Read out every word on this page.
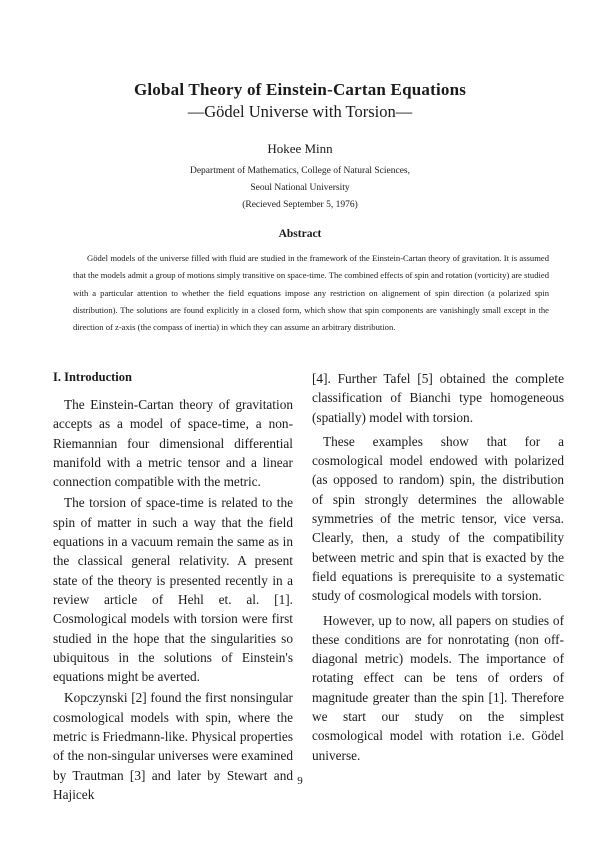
Global Theory of Einstein-Cartan Equations
—Gödel Universe with Torsion—
Hokee Minn
Department of Mathematics, College of Natural Sciences,
Seoul National University
(Recieved September 5, 1976)
Abstract
Gödel models of the universe filled with fluid are studied in the framework of the Einstein-Cartan theory of gravitation. It is assumed that the models admit a group of motions simply transitive on space-time. The combined effects of spin and rotation (vorticity) are studied with a particular attention to whether the field equations impose any restriction on alignement of spin direction (a polarized spin distribution). The solutions are found explicitly in a closed form, which show that spin components are vanishingly small except in the direction of z-axis (the compass of inertia) in which they can assume an arbitrary distribution.
I. Introduction

The Einstein-Cartan theory of gravitation accepts as a model of space-time, a non-Riemannian four dimensional differential manifold with a metric tensor and a linear connection compatible with the metric.

The torsion of space-time is related to the spin of matter in such a way that the field equations in a vacuum remain the same as in the classical general relativity. A present state of the theory is presented recently in a review article of Hehl et. al. [1]. Cosmological models with torsion were first studied in the hope that the singularities so ubiquitous in the solutions of Einstein's equations might be averted.

Kopczynski [2] found the first nonsingular cosmological models with spin, where the metric is Friedmann-like. Physical properties of the non-singular universes were examined by Trautman [3] and later by Stewart and Hajicek

[4]. Further Tafel [5] obtained the complete classification of Bianchi type homogeneous (spatially) model with torsion.

These examples show that for a cosmological model endowed with polarized (as opposed to random) spin, the distribution of spin strongly determines the allowable symmetries of the metric tensor, vice versa. Clearly, then, a study of the compatibility between metric and spin that is exacted by the field equations is prerequisite to a systematic study of cosmological models with torsion.

However, up to now, all papers on studies of these conditions are for nonrotating (non off-diagonal metric) models. The importance of rotating effect can be tens of orders of magnitude greater than the spin [1]. Therefore we start our study on the simplest cosmological model with rotation i.e. Gödel universe.

9
